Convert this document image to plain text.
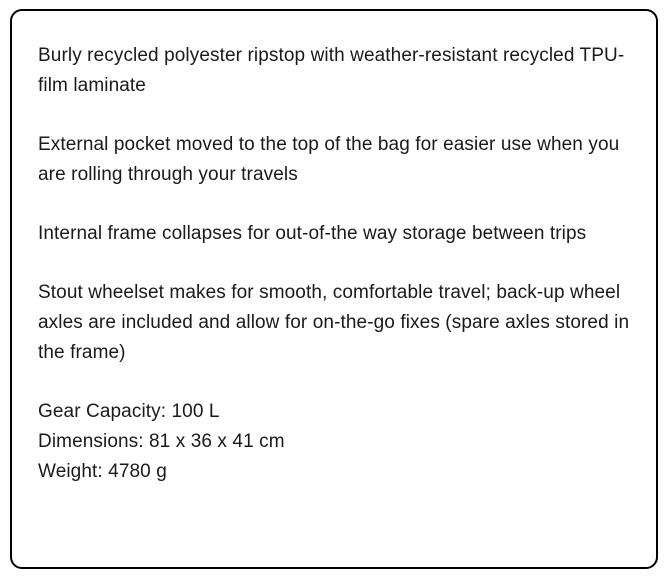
Burly recycled polyester ripstop with weather-resistant recycled TPU-film laminate

External pocket moved to the top of the bag for easier use when you are rolling through your travels

Internal frame collapses for out-of-the way storage between trips

Stout wheelset makes for smooth, comfortable travel; back-up wheel axles are included and allow for on-the-go fixes (spare axles stored in the frame)

Gear Capacity: 100 L
Dimensions: 81 x 36 x 41 cm
Weight: 4780 g
